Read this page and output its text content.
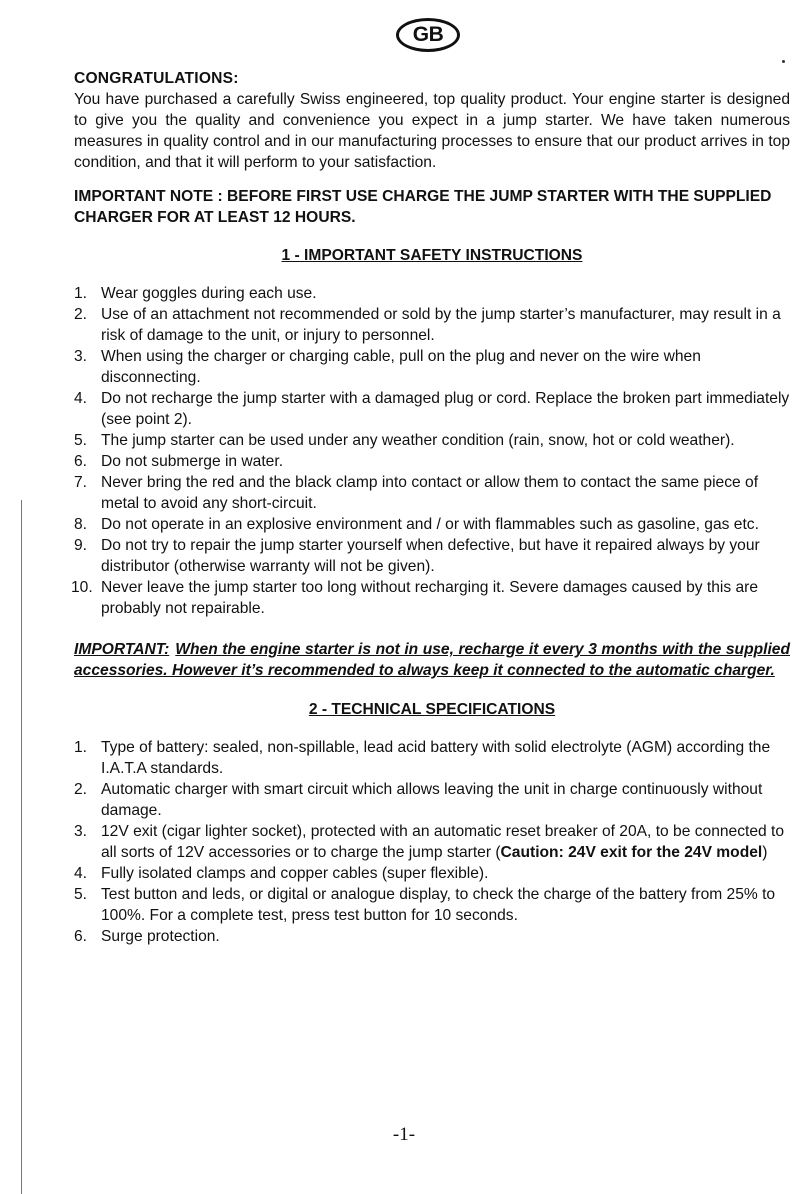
GB

CONGRATULATIONS:

You have purchased a carefully Swiss engineered, top quality product. Your engine starter is designed to give you the quality and convenience you expect in a jump starter. We have taken numerous measures in quality control and in our manufacturing processes to ensure that our product arrives in top condition, and that it will perform to your satisfaction.

IMPORTANT NOTE : BEFORE FIRST USE CHARGE THE JUMP STARTER WITH THE SUPPLIED CHARGER FOR AT LEAST 12 HOURS.

1 - IMPORTANT SAFETY INSTRUCTIONS

1. Wear goggles during each use.
2. Use of an attachment not recommended or sold by the jump starter’s manufacturer, may result in a risk of damage to the unit, or injury to personnel.
3. When using the charger or charging cable, pull on the plug and never on the wire when disconnecting.
4. Do not recharge the jump starter with a damaged plug or cord. Replace the broken part immediately (see point 2).
5. The jump starter can be used under any weather condition (rain, snow, hot or cold weather).
6. Do not submerge in water.
7. Never bring the red and the black clamp into contact or allow them to contact the same piece of metal to avoid any short-circuit.
8. Do not operate in an explosive environment and / or with flammables such as gasoline, gas etc.
9. Do not try to repair the jump starter yourself when defective, but have it repaired always by your distributor (otherwise warranty will not be given).
10. Never leave the jump starter too long without recharging it. Severe damages caused by this are probably not repairable.

IMPORTANT: When the engine starter is not in use, recharge it every 3 months with the supplied accessories. However it’s recommended to always keep it connected to the automatic charger.

2 - TECHNICAL SPECIFICATIONS

1. Type of battery: sealed, non-spillable, lead acid battery with solid electrolyte (AGM) according the I.A.T.A standards.
2. Automatic charger with smart circuit which allows leaving the unit in charge continuously without damage.
3. 12V exit (cigar lighter socket), protected with an automatic reset breaker of 20A, to be connected to all sorts of 12V accessories or to charge the jump starter (Caution: 24V exit for the 24V model)
4. Fully isolated clamps and copper cables (super flexible).
5. Test button and leds, or digital or analogue display, to check the charge of the battery from 25% to 100%. For a complete test, press test button for 10 seconds.
6. Surge protection.
-1-
